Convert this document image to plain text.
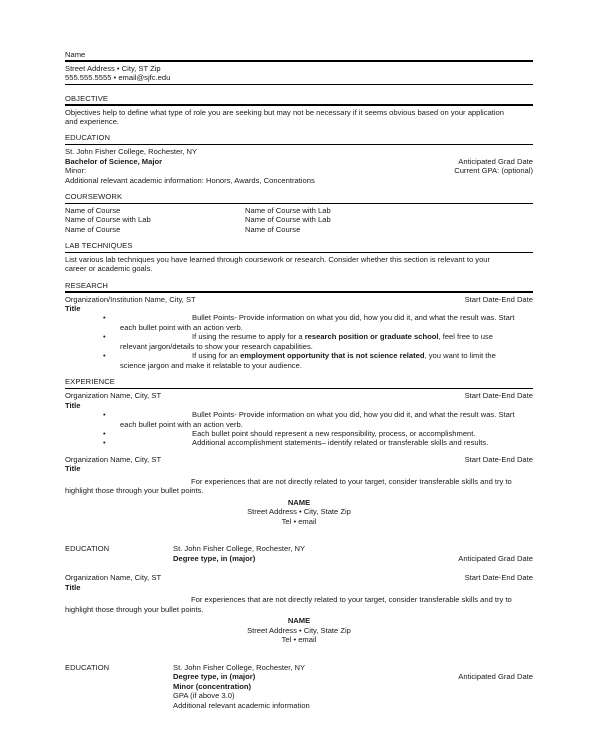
Name
Street Address • City, ST Zip
555.555.5555 • email@sjfc.edu
OBJECTIVE
Objectives help to define what type of role you are seeking but may not be necessary if it seems obvious based on your application
and experience.
EDUCATION
St. John Fisher College, Rochester, NY
Bachelor of Science, Major	Anticipated Grad Date
Minor:	Current GPA: (optional)
Additional relevant academic information: Honors, Awards, Concentrations
COURSEWORK
Name of Course	Name of Course with Lab
Name of Course with Lab	Name of Course with Lab
Name of Course	Name of Course
LAB TECHNIQUES
List various lab techniques you have learned through coursework or research. Consider whether this section is relevant to your
career or academic goals.
RESEARCH
Organization/Institution Name, City, ST	Start Date-End Date
Title
Bullet Points- Provide information on what you did, how you did it, and what the result was. Start
each bullet point with an action verb.
•
•	If using the resume to apply for a research position or graduate school, feel free to use
relevant jargon/details to show your research capabilities.
•	If using for an employment opportunity that is not science related, you want to limit the
science jargon and make it relatable to your audience.
EXPERIENCE
Organization Name, City, ST	Start Date-End Date
Title
•	Bullet Points- Provide information on what you did, how you did it, and what the result was. Start
each bullet point with an action verb.
•	Each bullet point should represent a new responsibility, process, or accomplishment.
•	Additional accomplishment statements– identify related or transferable skills and results.
Organization Name, City, ST	Start Date-End Date
Title
For experiences that are not directly related to your target, consider transferable skills and try to
highlight those through your bullet points.
NAME
Street Address • City, State Zip
Tel • email
EDUCATION	St. John Fisher College, Rochester, NY
Degree type, in (major)	Anticipated Grad Date
Organization Name, City, ST	Start Date-End Date
Title
For experiences that are not directly related to your target, consider transferable skills and try to
highlight those through your bullet points.
NAME
Street Address • City, State Zip
Tel • email
EDUCATION	St. John Fisher College, Rochester, NY
Degree type, in (major)	Anticipated Grad Date
Minor (concentration)
GPA (if above 3.0)
Additional relevant academic information
